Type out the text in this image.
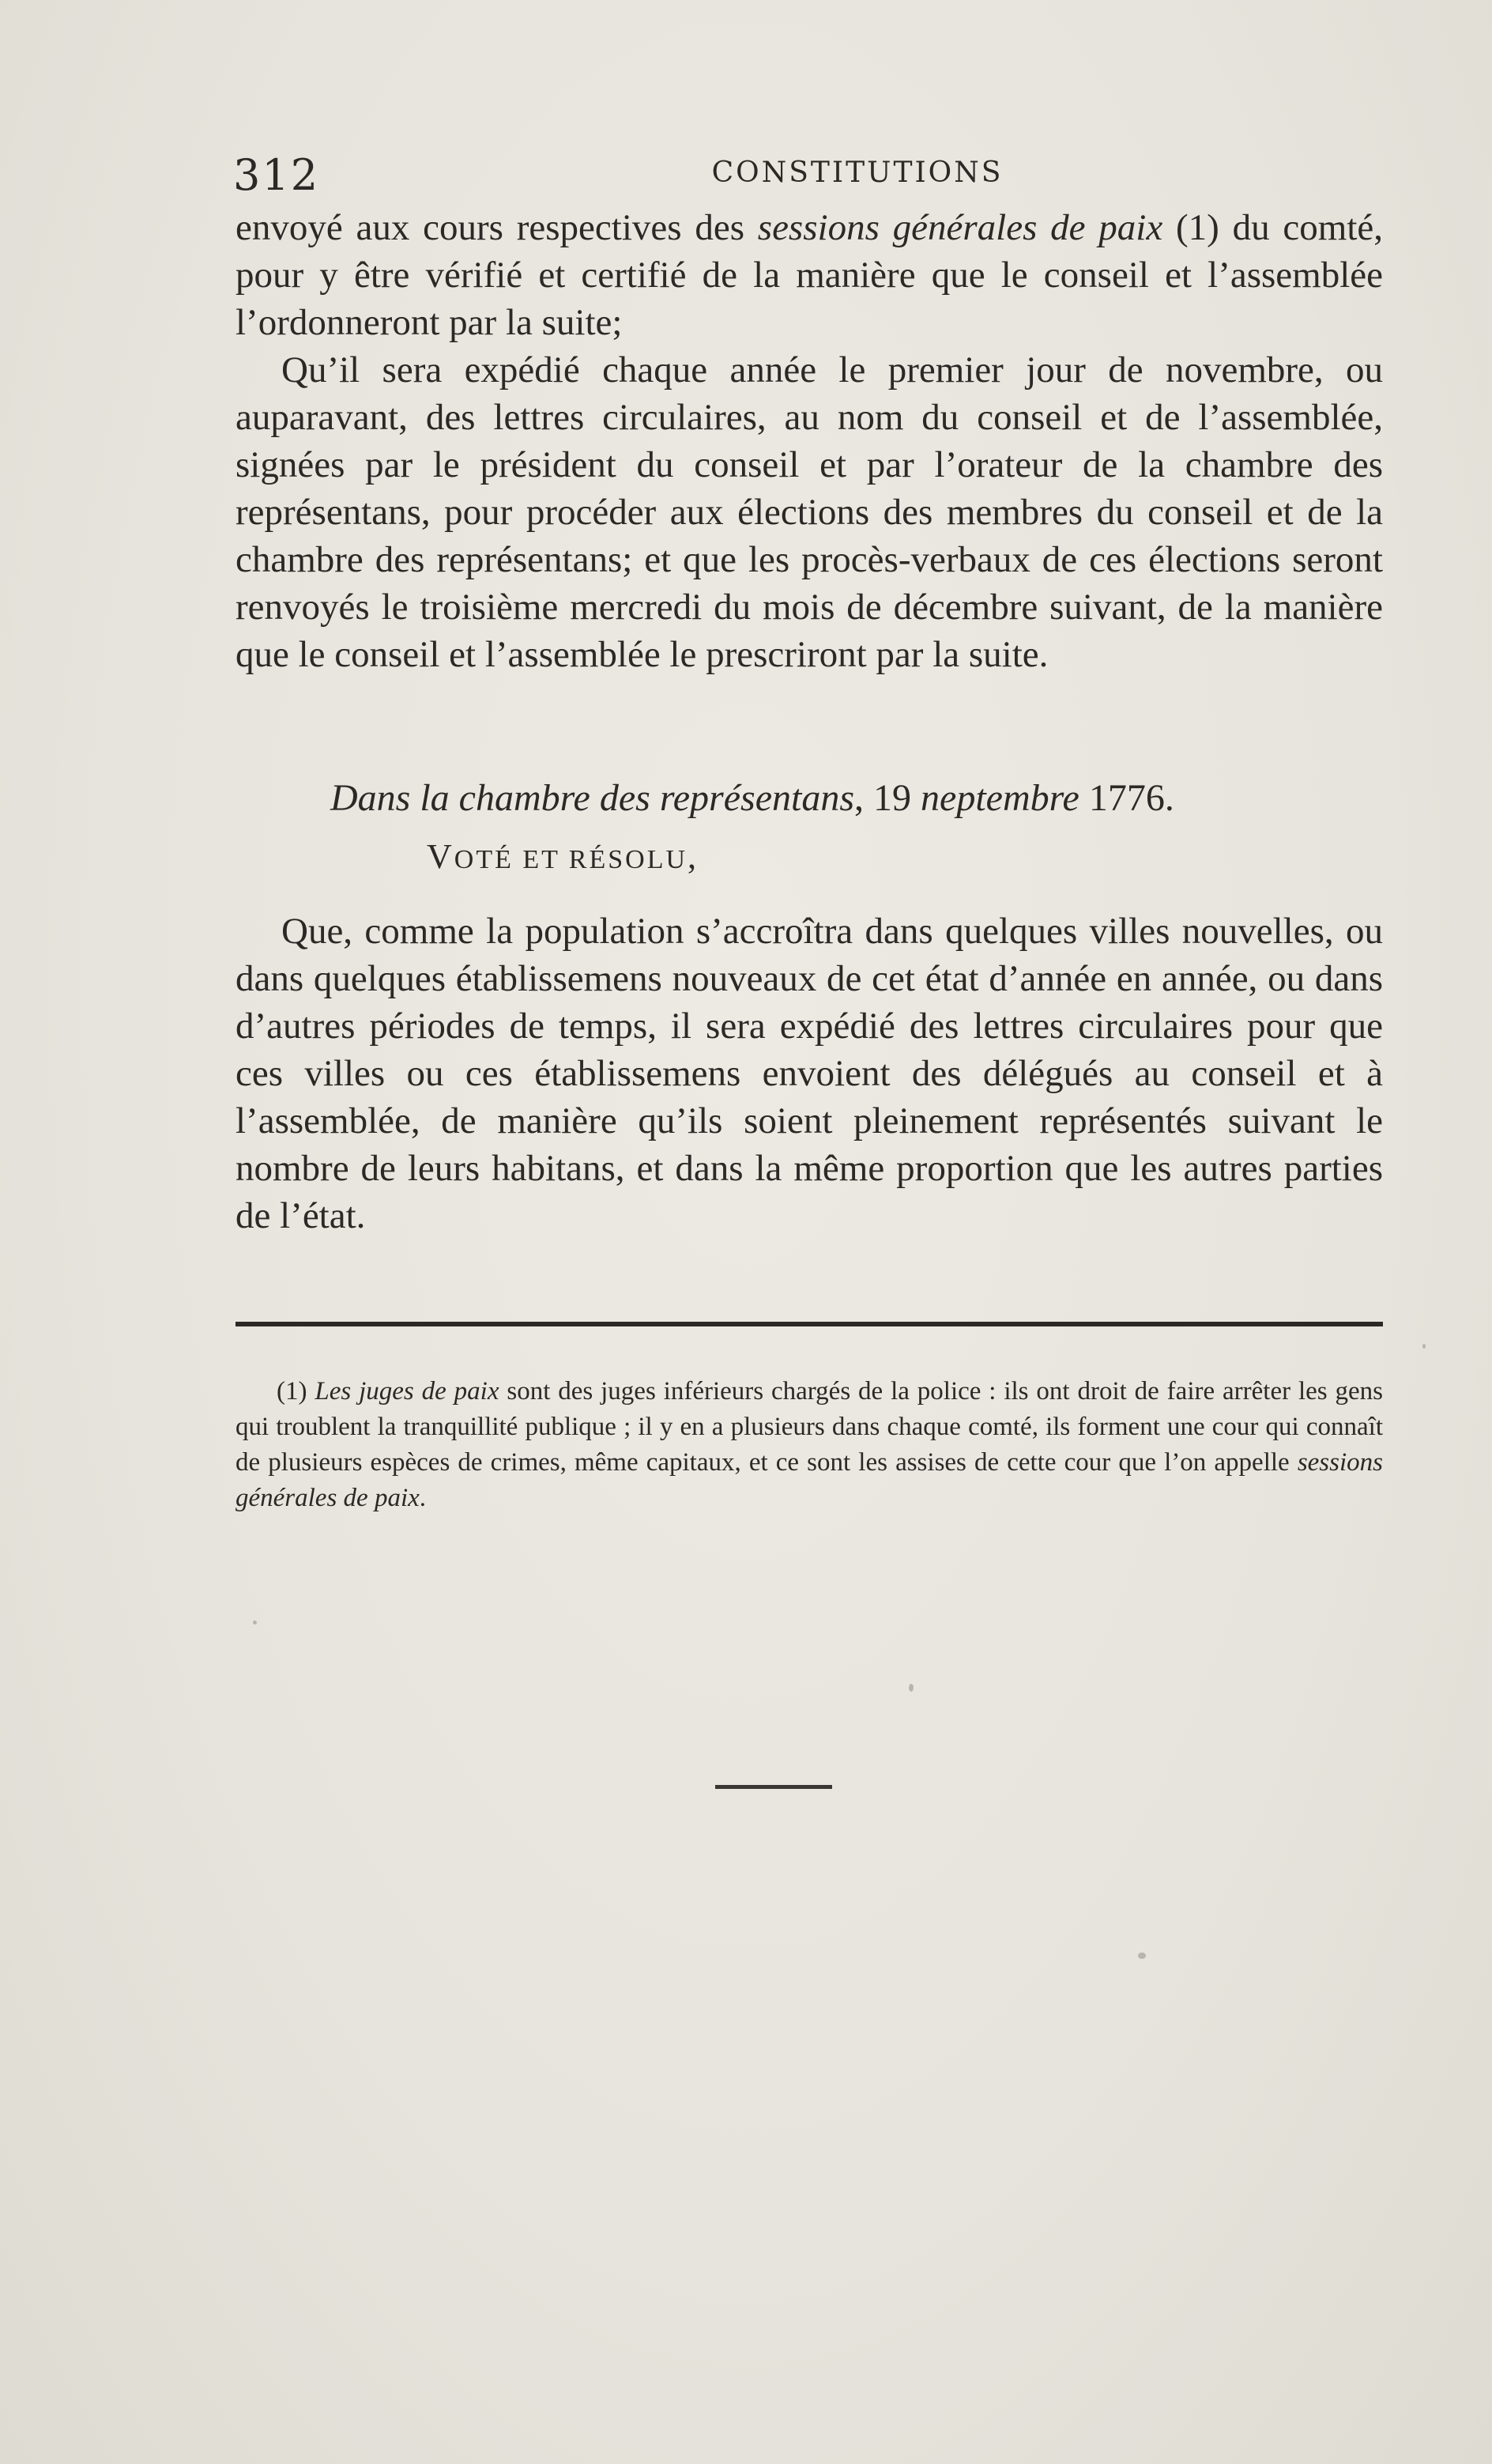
312	CONSTITUTIONS

envoyé aux cours respectives des sessions générales de paix (1) du comté, pour y être vérifié et certifié de la manière que le conseil et l’assemblée l’ordonneront par la suite;

Qu’il sera expédié chaque année le premier jour de novembre, ou auparavant, des lettres circulaires, au nom du conseil et de l’assemblée, signées par le président du conseil et par l’orateur de la chambre des représentans, pour procéder aux élections des membres du conseil et de la chambre des représentans; et que les procès-verbaux de ces élections seront renvoyés le troisième mercredi du mois de décembre suivant, de la manière que le conseil et l’assemblée le prescriront par la suite.

Dans la chambre des représentans, 19 neptembre 1776.
VOTÉ ET RÉSOLU,

Que, comme la population s’accroîtra dans quelques villes nouvelles, ou dans quelques établissemens nouveaux de cet état d’année en année, ou dans d’autres périodes de temps, il sera expédié des lettres circulaires pour que ces villes ou ces établissemens envoient des délégués au conseil et à l’assemblée, de manière qu’ils soient pleinement représentés suivant le nombre de leurs habitans, et dans la même proportion que les autres parties de l’état.

(1) Les juges de paix sont des juges inférieurs chargés de la police : ils ont droit de faire arrêter les gens qui troublent la tranquillité publique ; il y en a plusieurs dans chaque comté, ils forment une cour qui connaît de plusieurs espèces de crimes, même capitaux, et ce sont les assises de cette cour que l’on appelle sessions générales de paix.
